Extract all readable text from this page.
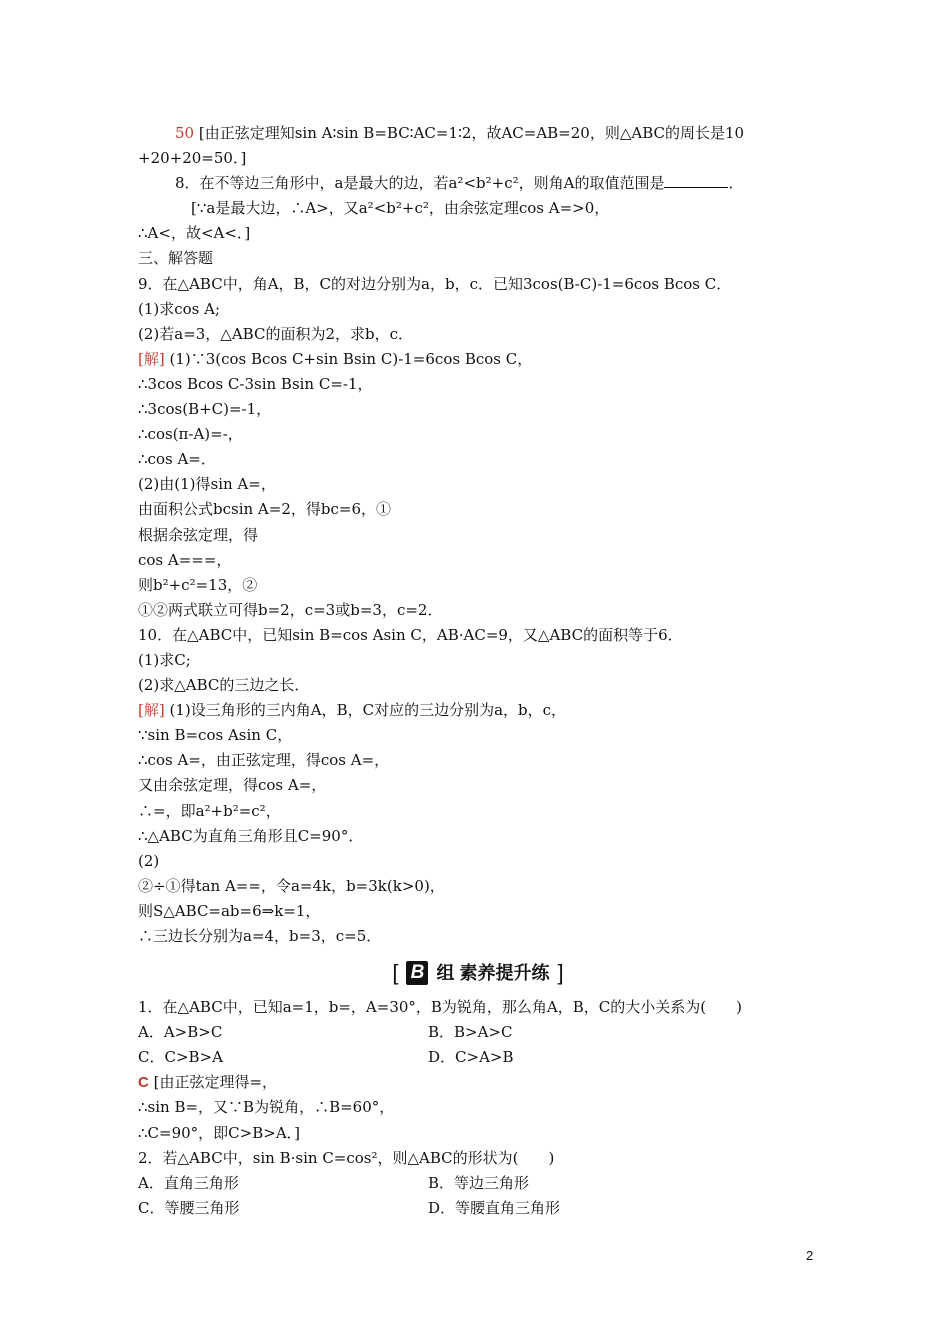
50 [由正弦定理知sin A∶sin B=BC∶AC=1∶2，故AC=AB=20，则△ABC的周长是10
+20+20=50．]
8．在不等边三角形中，a是最大的边，若a²<b²+c²，则角A的取值范围是	．
[∵a是最大边，∴A>，又a²<b²+c²，由余弦定理cos A=>0，
∴A<，故<A<．]
三、解答题
9．在△ABC中，角A，B，C的对边分别为a，b，c．已知3cos(B-C)-1=6cos Bcos C．
(1)求cos A;
(2)若a=3，△ABC的面积为2，求b，c．
[解] (1)∵3(cos Bcos C+sin Bsin C)-1=6cos Bcos C，
∴3cos Bcos C-3sin Bsin C=-1，
∴3cos(B+C)=-1，
∴cos(π-A)=-，
∴cos A=．
(2)由(1)得sin A=，
由面积公式bcsin A=2，得bc=6，①
根据余弦定理，得
cos A===，
则b²+c²=13，②
①②两式联立可得b=2，c=3或b=3，c=2．
10．在△ABC中，已知sin B=cos Asin C，AB·AC=9，又△ABC的面积等于6．
(1)求C;
(2)求△ABC的三边之长．
[解] (1)设三角形的三内角A，B，C对应的三边分别为a，b，c，
∵sin B=cos Asin C，
∴cos A=，由正弦定理，得cos A=，
又由余弦定理，得cos A=，
∴=，即a²+b²=c²，
∴△ABC为直角三角形且C=90°．
(2)
②÷①得tan A==，令a=4k，b=3k(k>0)，
则S△ABC=ab=6⇒k=1，
∴三边长分别为a=4，b=3，c=5．
[ B 组 素养提升练 ]
1．在△ABC中，已知a=1，b=，A=30°，B为锐角，那么角A，B，C的大小关系为(　　)
A．A>B>C	B．B>A>C
C．C>B>A	D．C>A>B
C [由正弦定理得=，
∴sin B=，又∵B为锐角，∴B=60°，
∴C=90°，即C>B>A．]
2．若△ABC中，sin B·sin C=cos²，则△ABC的形状为(　　)
A．直角三角形	B．等边三角形
C．等腰三角形	D．等腰直角三角形
2
